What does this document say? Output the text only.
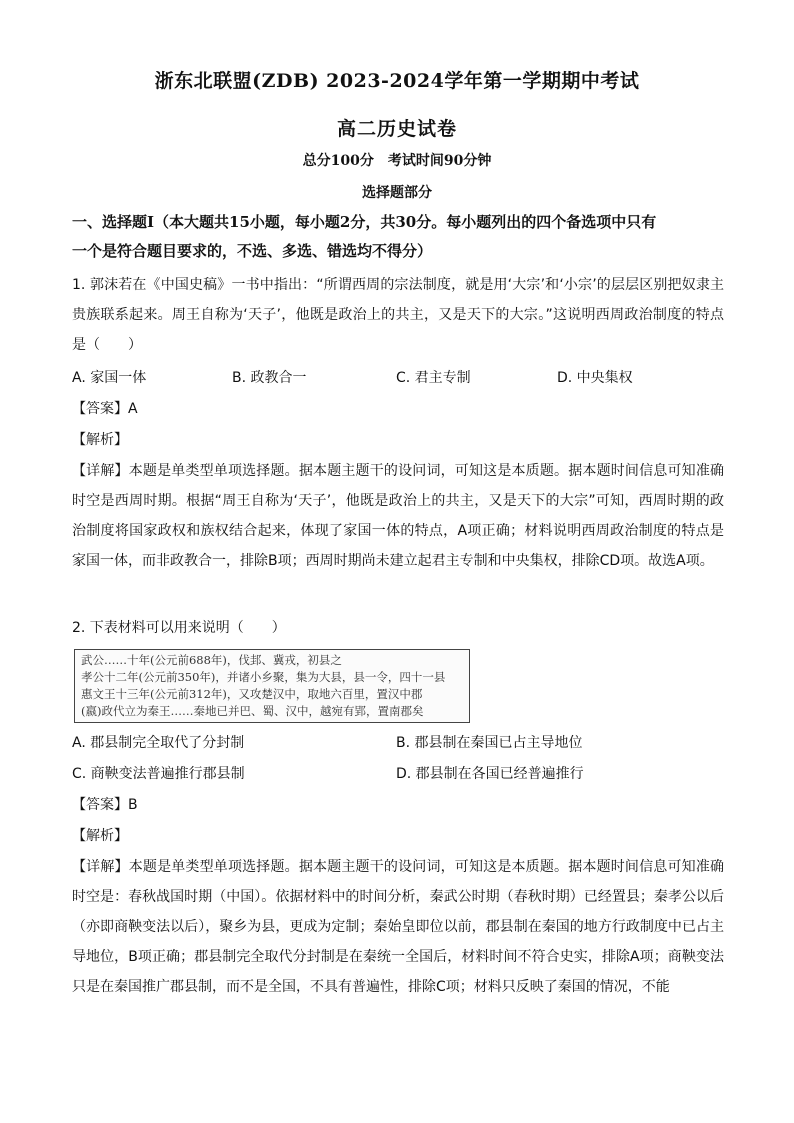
浙东北联盟(ZDB) 2023-2024学年第一学期期中考试
高二历史试卷
总分100分　考试时间90分钟
选择题部分
一、选择题Ⅰ（本大题共15小题，每小题2分，共30分。每小题列出的四个备选项中只有
一个是符合题目要求的，不选、多选、错选均不得分）
1. 郭沫若在《中国史稿》一书中指出：“所谓西周的宗法制度，就是用‘大宗’和‘小宗’的层层区别把奴隶主贵族联系起来。周王自称为‘天子’，他既是政治上的共主，又是天下的大宗。”这说明西周政治制度的特点是（　　）
A. 家国一体	B. 政教合一	C. 君主专制	D. 中央集权
【答案】A
【解析】
【详解】本题是单类型单项选择题。据本题主题干的设问词，可知这是本质题。据本题时间信息可知准确时空是西周时期。根据“周王自称为‘天子’，他既是政治上的共主，又是天下的大宗”可知，西周时期的政治制度将国家政权和族权结合起来，体现了家国一体的特点，A项正确；材料说明西周政治制度的特点是家国一体，而非政教合一，排除B项；西周时期尚未建立起君主专制和中央集权，排除CD项。故选A项。
2. 下表材料可以用来说明（　　）
武公……十年(公元前688年)，伐邽、冀戎，初县之
孝公十二年(公元前350年)，并诸小乡聚，集为大县，县一令，四十一县
惠文王十三年(公元前312年)，又攻楚汉中，取地六百里，置汉中郡
(嬴)政代立为秦王……秦地已并巴、蜀、汉中，越宛有郢，置南郡矣
A. 郡县制完全取代了分封制	B. 郡县制在秦国已占主导地位
C. 商鞅变法普遍推行郡县制	D. 郡县制在各国已经普遍推行
【答案】B
【解析】
【详解】本题是单类型单项选择题。据本题主题干的设问词，可知这是本质题。据本题时间信息可知准确时空是：春秋战国时期（中国）。依据材料中的时间分析，秦武公时期（春秋时期）已经置县；秦孝公以后（亦即商鞅变法以后），聚乡为县，更成为定制；秦始皇即位以前，郡县制在秦国的地方行政制度中已占主导地位，B项正确；郡县制完全取代分封制是在秦统一全国后，材料时间不符合史实，排除A项；商鞅变法只是在秦国推广郡县制，而不是全国，不具有普遍性，排除C项；材料只反映了秦国的情况，不能
